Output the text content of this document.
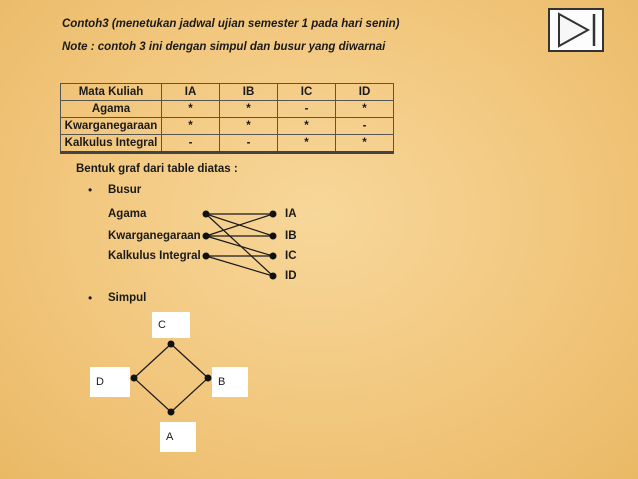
Contoh3 (menetukan jadwal ujian semester 1 pada hari senin)
Note : contoh 3 ini dengan simpul dan busur yang diwarnai
Mata Kuliah	IA	IB	IC	ID
Agama	*	*	-	*
Kwarganegaraan	*	*	*	-
Kalkulus Integral	-	-	*	*
Bentuk graf dari table diatas :
• Busur
Agama
Kwarganegaraan
Kalkulus Integral
IA
IB
IC
ID
• Simpul
C
D	B
A
